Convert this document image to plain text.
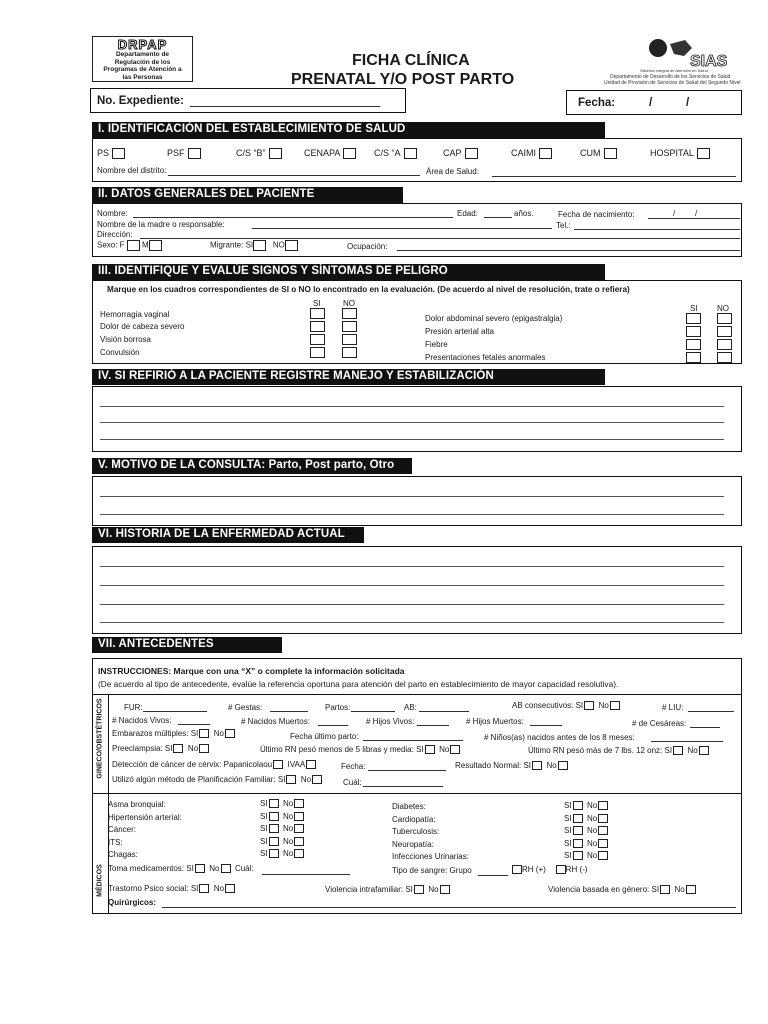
DRPAP
Departamento de
Regulación de los
Programas de Atención a
las Personas
FICHA CLÍNICA
PRENATAL Y/O POST PARTO
SIAS
Sistema Integral de Atención en Salud
Departamento de Desarrollo de los Servicios de Salud
Unidad de Provisión de Servicios de Salud del Segundo Nivel
No. Expediente:	Fecha:	/	/
I. IDENTIFICACIÓN DEL ESTABLECIMIENTO DE SALUD
PS	PSF	C/S “B”	CENAPA	C/S “A	CAP	CAIMI	CUM	HOSPITAL
Nombre del distrito:	Área de Salud:
II. DATOS GENERALES DEL PACIENTE
Nombre:	Edad:	años.	Fecha de nacimiento:	/ /
Nombre de la madre o responsable:	Tel.:
Dirección:
Sexo: F M	Migrante: SI NO	Ocupación:
III. IDENTIFIQUE Y EVALÚE SIGNOS Y SÍNTOMAS DE PELIGRO
Marque en los cuadros correspondientes de SI o NO lo encontrado en la evaluación. (De acuerdo al nivel de resolución, trate o refiera)
SI	NO
SI NO
Hemorragia vaginal
Dolor de cabeza severo
Visión borrosa
Convulsión
Dolor abdominal severo (epigastralgia)
Presión arterial alta
Fiebre
Presentaciones fetales anormales
IV. SI REFIRIÓ A LA PACIENTE REGISTRE MANEJO Y ESTABILIZACIÓN
V. MOTIVO DE LA CONSULTA: Parto, Post parto, Otro
VI. HISTORIA DE LA ENFERMEDAD ACTUAL
VII. ANTECEDENTES
INSTRUCCIONES: Marque con una “X” o complete la información solicitada
(De acuerdo al tipo de antecedente, evalúe la referencia oportuna para atención del parto en establecimiento de mayor capacidad resolutiva).
GINECO/OBSTÉTRICOS
MÉDICOS
FUR:	# Gestas:	Partos:	AB:	AB consecutivos: SI No	# LIU:
# Nacidos Vivos:	# Nacidos Muertos:	# Hijos Vivos:	# Hijos Muertos:	# de Cesáreas:
Embarazos múltiples: SI No	Fecha último parto:	# Niños(as) nacidos antes de los 8 meses:
Preeclampsia: SI No	Último RN pesó menos de 5 libras y media: SI No	Último RN pesó más de 7 lbs. 12 onz: SI No
Detección de cáncer de cérvix: Papanicolaou IVAA	Fecha:	Resultado Normal: SI No
Utilizó algún método de Planificación Familiar: SI No	Cuál:
Asma bronquial:	SI No
Hipertensión arterial:	SI No
Cáncer:	SI No
ITS:	SI No
Chagas:	SI No
Diabetes:	SI No
Cardiopatía:	SI No
Tuberculosis:	SI No
Neuropatía:	SI No
Infecciones Urinarias:	SI No
Toma medicamentos: SI No Cuál:	Tipo de sangre: Grupo	RH (+) RH (-)
Trastorno Psico social: SI No	Violencia intrafamiliar: SI No	Violencia basada en género: SI No
Quirúrgicos:
